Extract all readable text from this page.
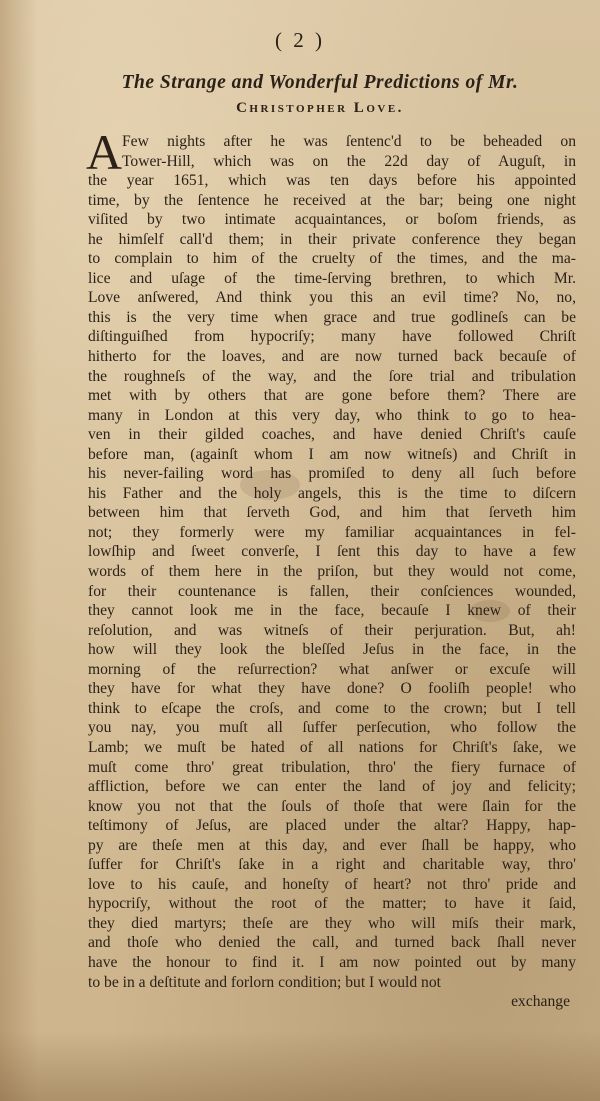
( 2 )
The Strange and Wonderful Predictions of Mr.
Christopher Love.
A Few nights after he was ſentenc'd to be beheaded on
Tower-Hill, which was on the 22d day of Auguſt, in
the year 1651, which was ten days before his appointed
time, by the ſentence he received at the bar; being one night
viſited by two intimate acquaintances, or boſom friends, as
he himſelf call'd them; in their private conference they began
to complain to him of the cruelty of the times, and the ma-
lice and uſage of the time-ſerving brethren, to which Mr.
Love anſwered, And think you this an evil time? No, no,
this is the very time when grace and true godlineſs can be
diſtinguiſhed from hypocriſy; many have followed Chriſt
hitherto for the loaves, and are now turned back becauſe of
the roughneſs of the way, and the ſore trial and tribulation
met with by others that are gone before them? There are
many in London at this very day, who think to go to hea-
ven in their gilded coaches, and have denied Chriſt's cauſe
before man, (againſt whom I am now witneſs) and Chriſt in
his never-failing word has promiſed to deny all ſuch before
his Father and the holy angels, this is the time to diſcern
between him that ſerveth God, and him that ſerveth him
not; they formerly were my familiar acquaintances in fel-
lowſhip and ſweet converſe, I ſent this day to have a few
words of them here in the priſon, but they would not come,
for their countenance is fallen, their conſciences wounded,
they cannot look me in the face, becauſe I knew of their
reſolution, and was witneſs of their perjuration. But, ah!
how will they look the bleſſed Jeſus in the face, in the
morning of the reſurrection? what anſwer or excuſe will
they have for what they have done? O fooliſh people! who
think to eſcape the croſs, and come to the crown; but I tell
you nay, you muſt all ſuffer perſecution, who follow the
Lamb; we muſt be hated of all nations for Chriſt's ſake, we
muſt come thro' great tribulation, thro' the fiery furnace of
affliction, before we can enter the land of joy and felicity;
know you not that the ſouls of thoſe that were ſlain for the
teſtimony of Jeſus, are placed under the altar? Happy, hap-
py are theſe men at this day, and ever ſhall be happy, who
ſuffer for Chriſt's ſake in a right and charitable way, thro'
love to his cauſe, and honeſty of heart? not thro' pride and
hypocriſy, without the root of the matter; to have it ſaid,
they died martyrs; theſe are they who will miſs their mark,
and thoſe who denied the call, and turned back ſhall never
have the honour to find it. I am now pointed out by many
to be in a deſtitute and forlorn condition; but I would not
exchange
